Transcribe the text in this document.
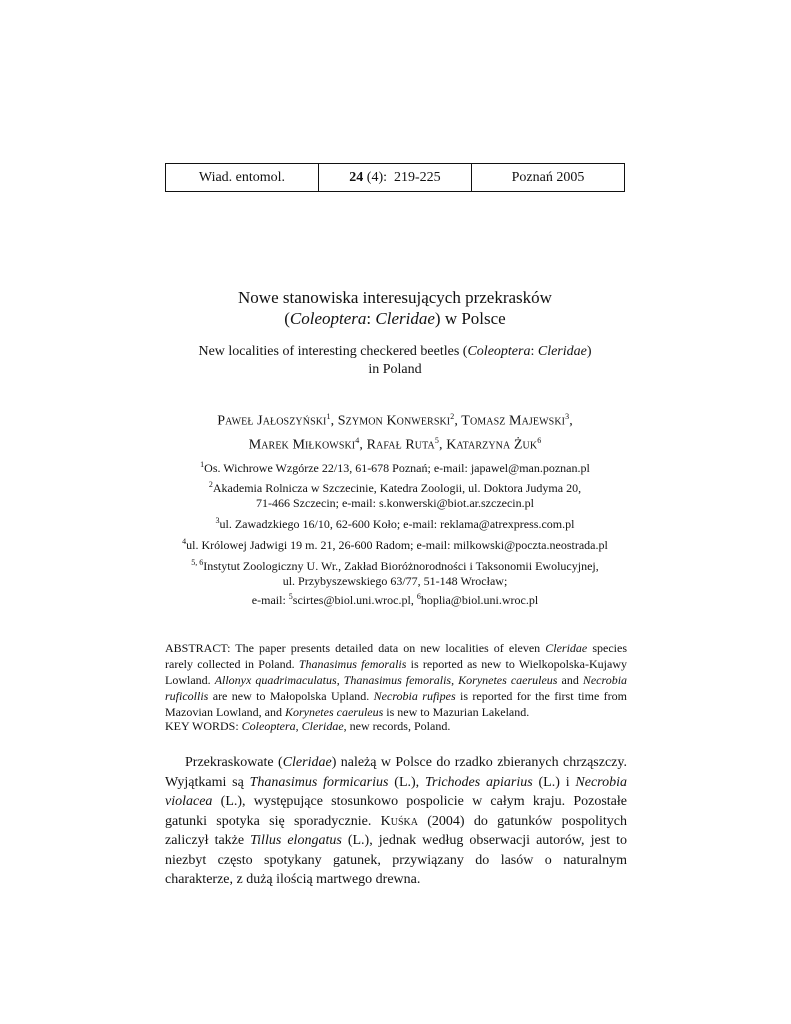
Wiad. entomol.	24 (4):  219-225	Poznań 2005
Nowe stanowiska interesujących przekrasków
(Coleoptera: Cleridae) w Polsce
New localities of interesting checkered beetles (Coleoptera: Cleridae)
in Poland
Paweł Jałoszyński$^1$, Szymon Konwerski$^2$, Tomasz Majewski$^3$,
Marek Miłkowski$^4$, Rafał Ruta$^5$, Katarzyna Żuk$^6$
$^1$Os. Wichrowe Wzgórze 22/13, 61-678 Poznań; e-mail: japawel@man.poznan.pl
$^2$Akademia Rolnicza w Szczecinie, Katedra Zoologii, ul. Doktora Judyma 20,
71-466 Szczecin; e-mail: s.konwerski@biot.ar.szczecin.pl
$^3$ul. Zawadzkiego 16/10, 62-600 Koło; e-mail: reklama@atrexpress.com.pl
$^4$ul. Królowej Jadwigi 19 m. 21, 26-600 Radom; e-mail: milkowski@poczta.neostrada.pl
$^{5, 6}$Instytut Zoologiczny U. Wr., Zakład Bioróżnorodności i Taksonomii Ewolucyjnej,
ul. Przybyszewskiego 63/77, 51-148 Wrocław;
e-mail: $^5$scirtes@biol.uni.wroc.pl, $^6$hoplia@biol.uni.wroc.pl
ABSTRACT: The paper presents detailed data on new localities of eleven Cleridae species rarely collected in Poland. Thanasimus femoralis is reported as new to Wielkopolska-Kujawy Lowland. Allonyx quadrimaculatus, Thanasimus femoralis, Korynetes caeruleus and Necrobia ruficollis are new to Małopolska Upland. Necrobia rufipes is reported for the first time from Mazovian Lowland, and Korynetes caeruleus is new to Mazurian Lakeland.
KEY WORDS: Coleoptera, Cleridae, new records, Poland.
Przekraskowate (Cleridae) należą w Polsce do rzadko zbieranych chrząszczy. Wyjątkami są Thanasimus formicarius (L.), Trichodes apiarius (L.) i Necrobia violacea (L.), występujące stosunkowo pospolicie w całym kraju. Pozostałe gatunki spotyka się sporadycznie. Kuśka (2004) do gatunków pospolitych zaliczył także Tillus elongatus (L.), jednak według obserwacji autorów, jest to niezbyt często spotykany gatunek, przywiązany do lasów o naturalnym charakterze, z dużą ilością martwego drewna.
